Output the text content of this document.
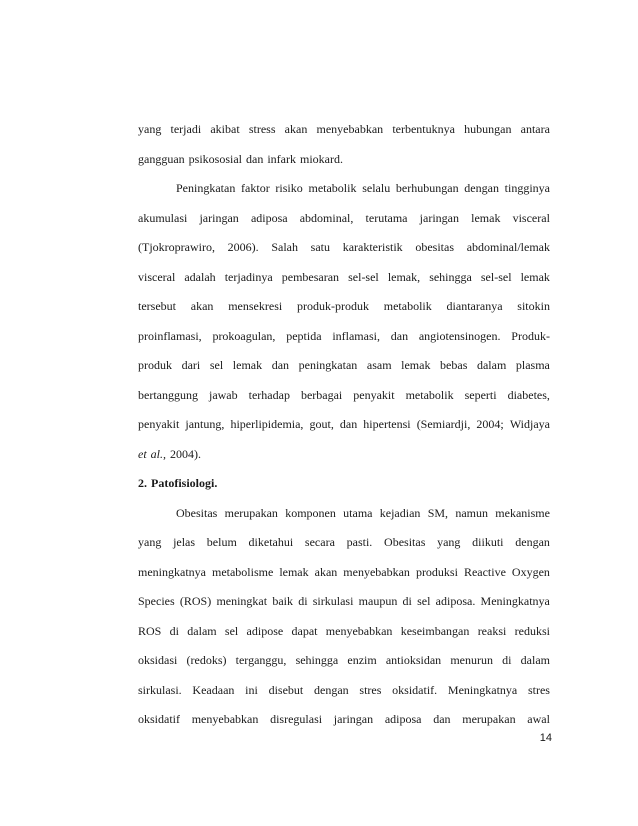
yang terjadi akibat stress akan menyebabkan terbentuknya hubungan antara
gangguan psikososial dan infark miokard.
Peningkatan faktor risiko metabolik selalu berhubungan dengan tingginya
akumulasi jaringan adiposa abdominal, terutama jaringan lemak visceral
(Tjokroprawiro, 2006). Salah satu karakteristik obesitas abdominal/lemak
visceral adalah terjadinya pembesaran sel-sel lemak, sehingga sel-sel lemak
tersebut akan mensekresi produk-produk metabolik diantaranya sitokin
proinflamasi, prokoagulan, peptida inflamasi, dan angiotensinogen. Produk-
produk dari sel lemak dan peningkatan asam lemak bebas dalam plasma
bertanggung jawab terhadap berbagai penyakit metabolik seperti diabetes,
penyakit jantung, hiperlipidemia, gout, dan hipertensi (Semiardji, 2004; Widjaya
et al., 2004).
2. Patofisiologi.
Obesitas merupakan komponen utama kejadian SM, namun mekanisme
yang jelas belum diketahui secara pasti. Obesitas yang diikuti dengan
meningkatnya metabolisme lemak akan menyebabkan produksi Reactive Oxygen
Species (ROS) meningkat baik di sirkulasi maupun di sel adiposa. Meningkatnya
ROS di dalam sel adipose dapat menyebabkan keseimbangan reaksi reduksi
oksidasi (redoks) terganggu, sehingga enzim antioksidan menurun di dalam
sirkulasi. Keadaan ini disebut dengan stres oksidatif. Meningkatnya stres
oksidatif menyebabkan disregulasi jaringan adiposa dan merupakan awal
14
